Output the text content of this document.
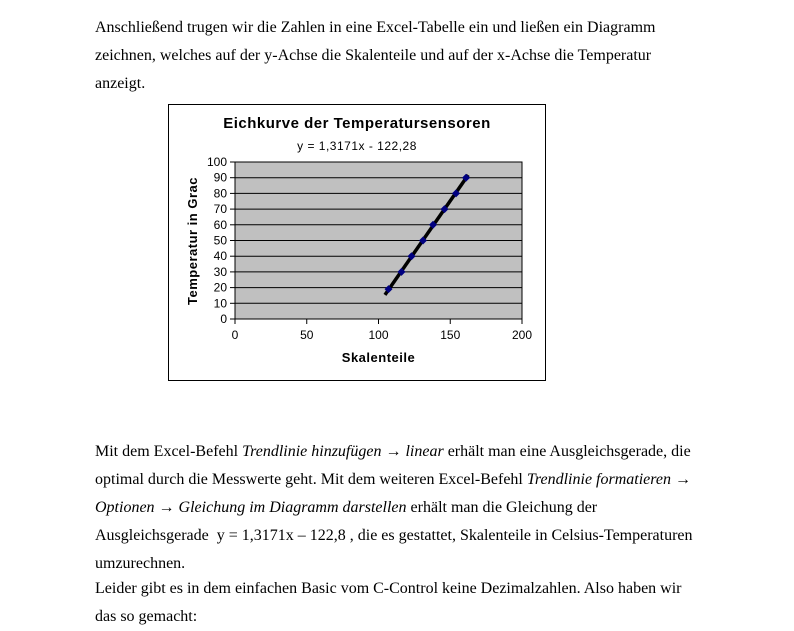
Anschließend trugen wir die Zahlen in eine Excel-Tabelle ein und ließen ein Diagramm
zeichnen, welches auf der y-Achse die Skalenteile und auf der x-Achse die Temperatur
anzeigt.
Eichkurve der Temperatursensoren
y = 1,3171x - 122,28
Temperatur in Grac
Skalenteile
0
10
20
30
40
50
60
70
80
90
100
0	50	100	150	200
Mit dem Excel-Befehl Trendlinie hinzufügen → linear erhält man eine Ausgleichsgerade, die
optimal durch die Messwerte geht. Mit dem weiteren Excel-Befehl Trendlinie formatieren →
Optionen → Gleichung im Diagramm darstellen erhält man die Gleichung der
Ausgleichsgerade  y = 1,3171x – 122,8 , die es gestattet, Skalenteile in Celsius-Temperaturen
umzurechnen.
Leider gibt es in dem einfachen Basic vom C-Control keine Dezimalzahlen. Also haben wir
das so gemacht:
